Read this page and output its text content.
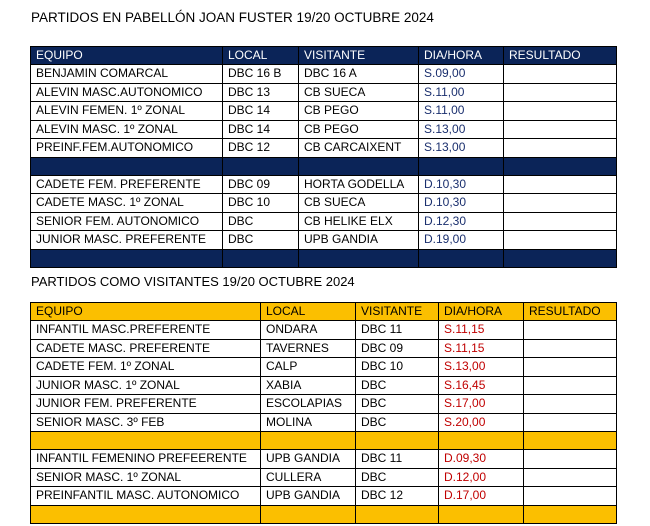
PARTIDOS EN PABELLÓN JOAN FUSTER 19/20 OCTUBRE 2024
EQUIPO	LOCAL	VISITANTE	DIA/HORA	RESULTADO
BENJAMIN COMARCAL	DBC 16 B	DBC 16 A	S.09,00	
ALEVIN MASC.AUTONOMICO	DBC 13	CB SUECA	S.11,00	
ALEVIN FEMEN. 1º ZONAL	DBC 14	CB PEGO	S.11,00	
ALEVIN MASC. 1º ZONAL	DBC 14	CB PEGO	S.13,00	
PREINF.FEM.AUTONOMICO	DBC 12	CB CARCAIXENT	S.13,00	

CADETE FEM. PREFERENTE	DBC 09	HORTA GODELLA	D.10,30	
CADETE MASC. 1º ZONAL	DBC 10	CB SUECA	D.10,30	
SENIOR FEM. AUTONOMICO	DBC	CB HELIKE ELX	D.12,30	
JUNIOR MASC. PREFERENTE	DBC	UPB GANDIA	D.19,00	

PARTIDOS COMO VISITANTES 19/20 OCTUBRE 2024
EQUIPO	LOCAL	VISITANTE	DIA/HORA	RESULTADO
INFANTIL MASC.PREFERENTE	ONDARA	DBC 11	S.11,15	
CADETE MASC. PREFERENTE	TAVERNES	DBC 09	S.11,15	
CADETE FEM. 1º ZONAL	CALP	DBC 10	S.13,00	
JUNIOR MASC. 1º ZONAL	XABIA	DBC	S.16,45	
JUNIOR FEM. PREFERENTE	ESCOLAPIAS	DBC	S.17,00	
SENIOR MASC. 3º FEB	MOLINA	DBC	S.20,00	

INFANTIL FEMENINO PREFEERENTE	UPB GANDIA	DBC 11	D.09,30	
SENIOR MASC. 1º ZONAL	CULLERA	DBC	D.12,00	
PREINFANTIL MASC. AUTONOMICO	UPB GANDIA	DBC 12	D.17,00	
